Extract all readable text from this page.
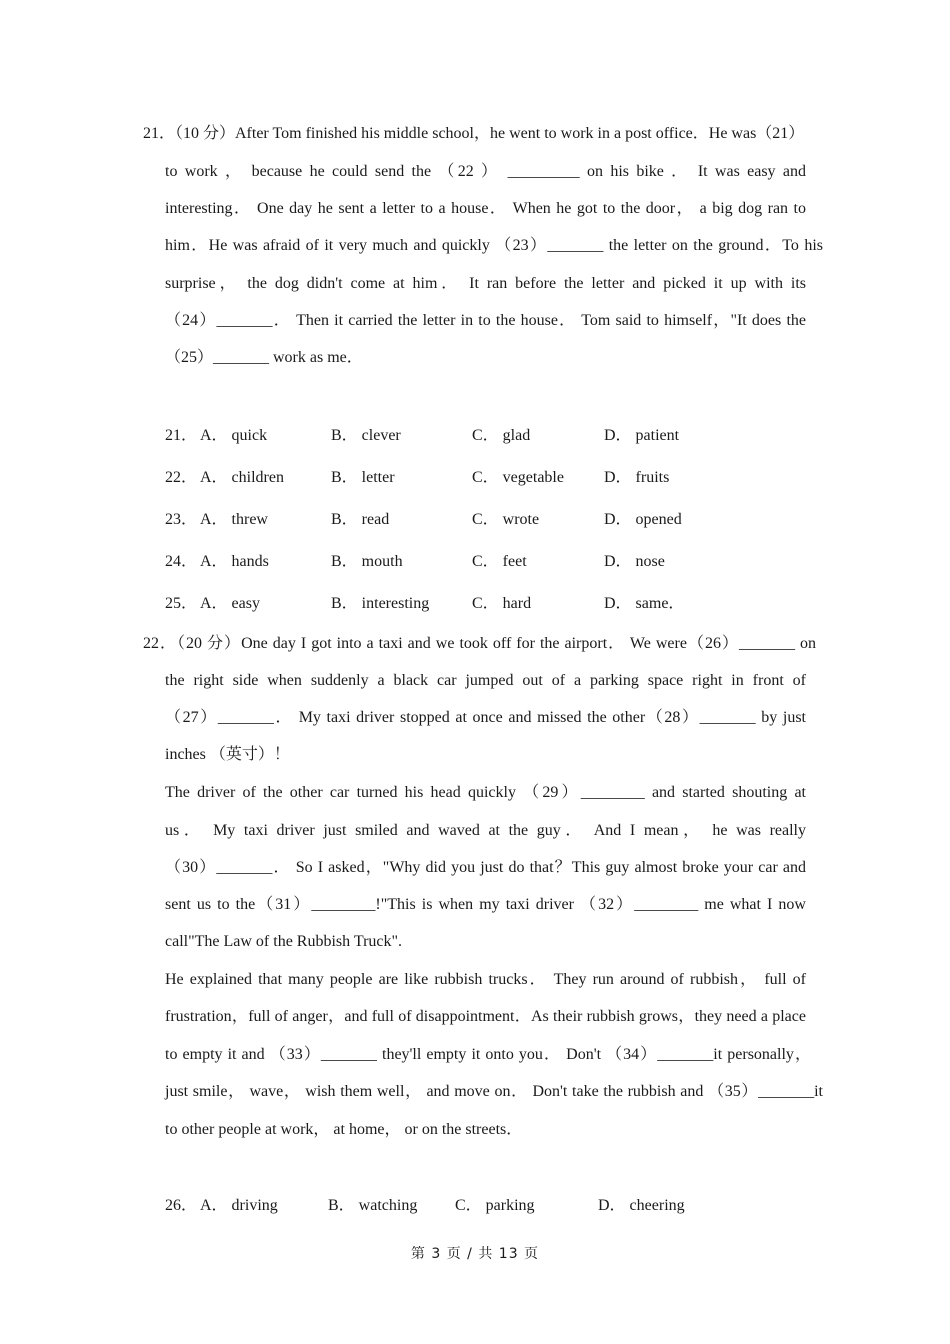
21．（10 分）After Tom finished his middle school，he went to work in a post office．He was（21）
to work ， because he could send the （22 ） _________ on his bike ． It was easy and
interesting． One day he sent a letter to a house． When he got to the door， a big dog ran to
him．He was afraid of it very much and quickly （23）_______ the letter on the ground．To his
surprise， the dog didn't come at him． It ran before the letter and picked it up with its
（24）_______． Then it carried the letter in to the house． Tom said to himself，"It does the
（25）_______ work as me．
21． A． quick	B． clever	C． glad	D． patient
22． A． children	B． letter	C． vegetable	D． fruits
23． A． threw	B． read	C． wrote	D． opened
24． A． hands	B． mouth	C． feet	D． nose
25． A． easy	B． interesting	C． hard	D． same．
22．（20 分）One day I got into a taxi and we took off for the airport． We were（26）_______ on
the right side when suddenly a black car jumped out of a parking space right in front of
（27）_______． My taxi driver stopped at once and missed the other（28）_______ by just
inches （英寸）！
The driver of the other car turned his head quickly （29）________ and started shouting at
us． My taxi driver just smiled and waved at the guy． And I mean， he was really
（30）_______． So I asked，"Why did you just do that？This guy almost broke your car and
sent us to the（31）________!"This is when my taxi driver （32）________ me what I now
call"The Law of the Rubbish Truck".
He explained that many people are like rubbish trucks． They run around of rubbish， full of
frustration，full of anger，and full of disappointment．As their rubbish grows，they need a place
to empty it and （33）_______ they'll empty it onto you． Don't （34）_______it personally，
just smile， wave， wish them well， and move on． Don't take the rubbish and （35）_______it
to other people at work， at home， or on the streets．
26． A． driving	B． watching C． parking	D． cheering
第 3 页 / 共 13 页
